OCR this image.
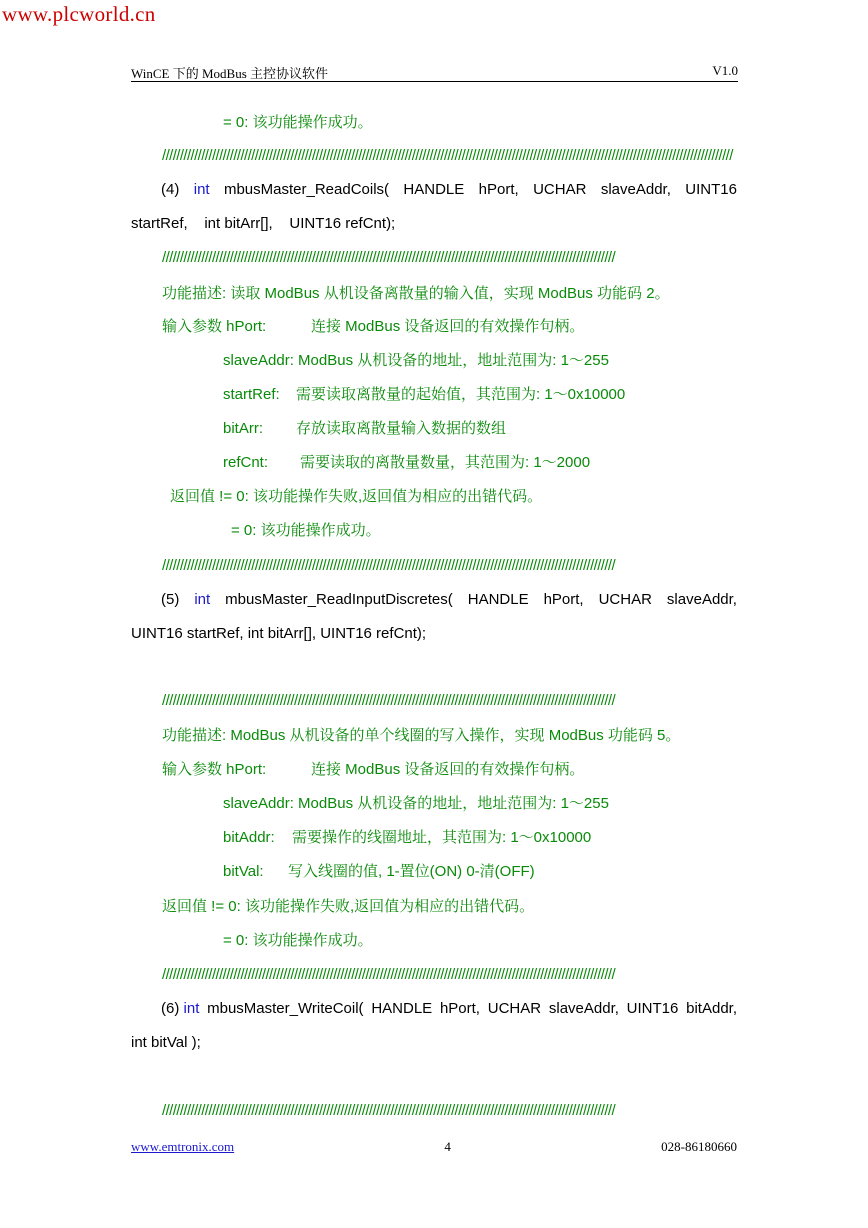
www.plcworld.cn
WinCE 下的 ModBus 主控协议软件	V1.0
= 0: 该功能操作成功。
////////////////////////////////////////////////////////////////////////////////////////////////////////////////////////////////////////////////////////////////
(4) int mbusMaster_ReadCoils( HANDLE hPort, UCHAR slaveAddr, UINT16
startRef,    int bitArr[],    UINT16 refCnt);
///////////////////////////////////////////////////////////////////////////////////////////////////////////////////////////////
功能描述: 读取 ModBus 从机设备离散量的输入值，实现 ModBus 功能码 2。
输入参数 hPort:	连接 ModBus 设备返回的有效操作句柄。
slaveAddr: ModBus 从机设备的地址，地址范围为: 1～255
startRef: 需要读取离散量的起始值，其范围为: 1～0x10000
bitArr: 存放读取离散量输入数据的数组
refCnt: 需要读取的离散量数量，其范围为: 1～2000
返回值 != 0: 该功能操作失败,返回值为相应的出错代码。
= 0: 该功能操作成功。
///////////////////////////////////////////////////////////////////////////////////////////////////////////////////////////////
(5) int mbusMaster_ReadInputDiscretes( HANDLE hPort, UCHAR slaveAddr,
UINT16 startRef, int bitArr[], UINT16 refCnt);
///////////////////////////////////////////////////////////////////////////////////////////////////////////////////////////////
功能描述: ModBus 从机设备的单个线圈的写入操作，实现 ModBus 功能码 5。
输入参数 hPort:	连接 ModBus 设备返回的有效操作句柄。
slaveAddr: ModBus 从机设备的地址，地址范围为: 1～255
bitAddr: 需要操作的线圈地址，其范围为: 1～0x10000
bitVal: 写入线圈的值, 1-置位(ON) 0-清(OFF)
返回值 != 0: 该功能操作失败,返回值为相应的出错代码。
= 0: 该功能操作成功。
///////////////////////////////////////////////////////////////////////////////////////////////////////////////////////////////
(6) int mbusMaster_WriteCoil( HANDLE hPort, UCHAR slaveAddr, UINT16 bitAddr,
int bitVal );
///////////////////////////////////////////////////////////////////////////////////////////////////////////////////////////////
www.emtronix.com	4	028-86180660
